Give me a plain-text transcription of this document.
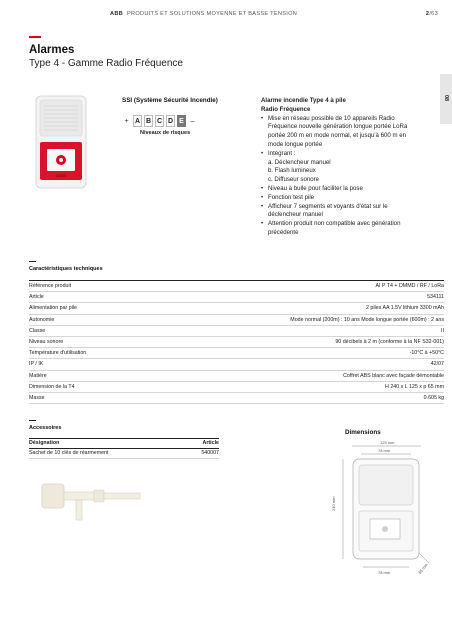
ABB PRODUITS ET SOLUTIONS MOYENNE ET BASSE TENSION	2/63
Alarmes
Type 4 - Gamme Radio Fréquence
08
SSI (Système Sécurité Incendie)
+ A B C D E –
Niveaux de risques
Alarme incendie Type 4 à pile
Radio Fréquence
• Mise en réseau possible de 10 appareils Radio Fréquence nouvelle génération longue portée LoRa portée 200 m en mode normal, et jusqu'à 600 m en mode longue portée
• Intégrant :
a. Déclencheur manuel
b. Flash lumineux
c. Diffuseur sonore
• Niveau à bulle pour faciliter la pose
• Fonction test pile
• Afficheur 7 segments et voyants d'état sur le déclencheur manuel
• Attention produit non compatible avec génération précédente
Caractéristiques techniques
Référence produit	AI P T4 + DMMD / RF / LoRa
Article	534111
Alimentation par pile	2 piles AA 1.5V lithium 3300 mAh
Autonomie	Mode normal (200m) : 10 ans Mode longue portée (600m) : 2 ans
Classe	II
Niveau sonore	90 décibels à 2 m (conforme à la NF S32-001)
Température d'utilisation	-10°C à +50°C
IP / IK	42/07
Matière	Coffret ABS blanc avec façade démontable
Dimension de la T4	H 240 x L 125 x p 65 mm
Masse	0.605 kg
Accessoires
Désignation	Article
Sachet de 10 clés de réarmement	540007
Dimensions
125 mm
78 mm
240 mm
65 mm
78 mm
